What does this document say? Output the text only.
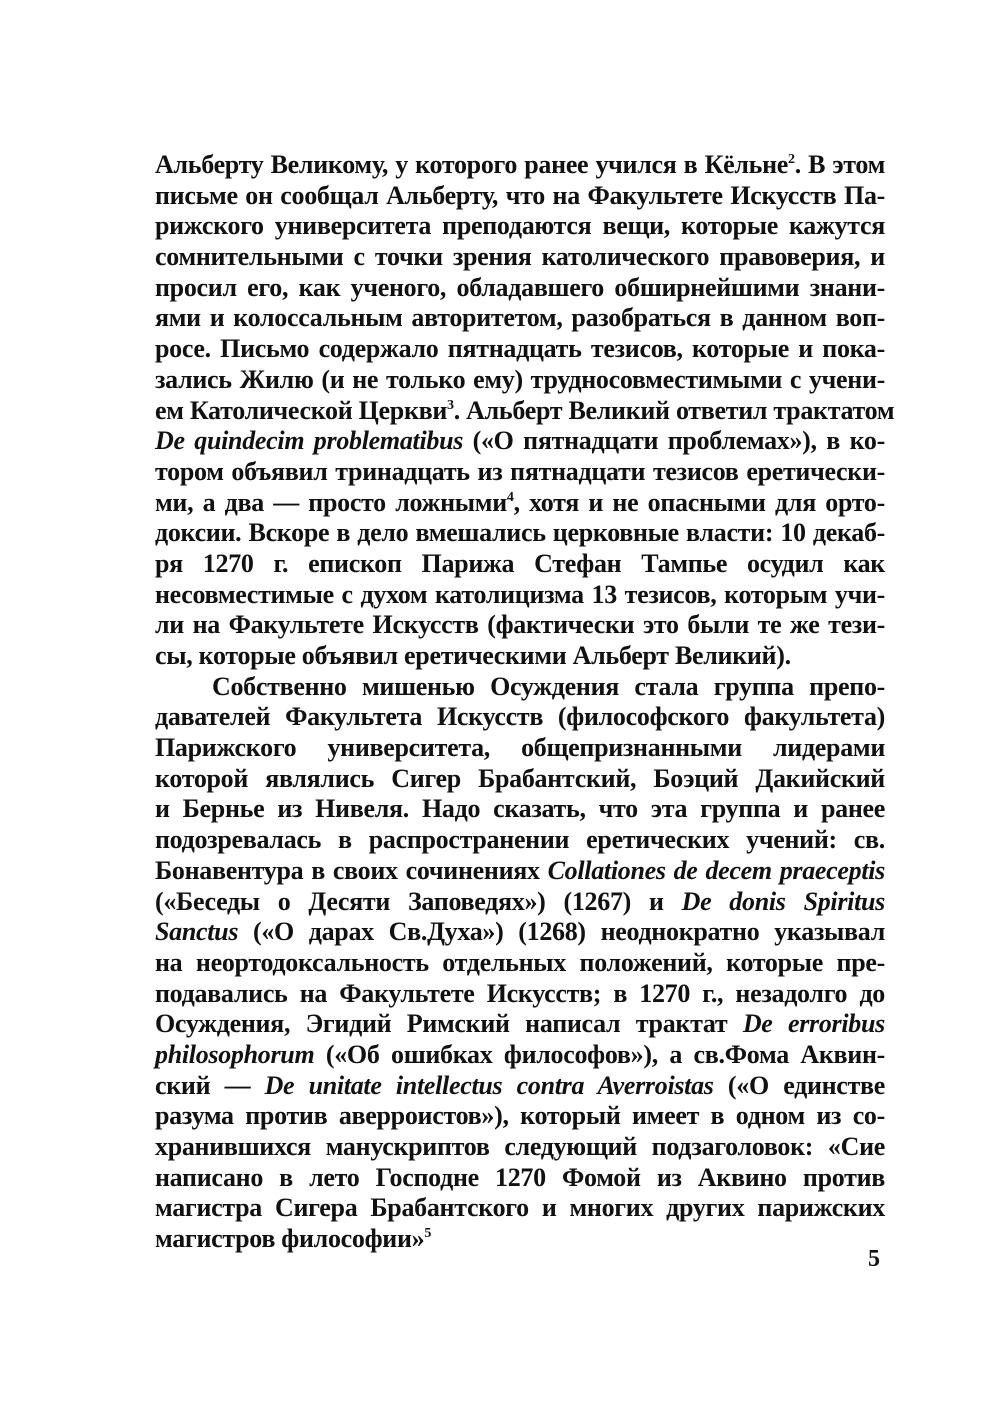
Альберту Великому, у которого ранее учился в Кёльне$^2$. В этом
письме он сообщал Альберту, что на Факультете Искусств Па-
рижского университета преподаются вещи, которые кажутся
сомнительными с точки зрения католического правоверия, и
просил его, как ученого, обладавшего обширнейшими знани-
ями и колоссальным авторитетом, разобраться в данном воп-
росе. Письмо содержало пятнадцать тезисов, которые и пока-
зались Жилю (и не только ему) трудносовместимыми с учени-
ем Католической Церкви$^3$. Альберт Великий ответил трактатом
De quindecim problematibus («О пятнадцати проблемах»), в ко-
тором объявил тринадцать из пятнадцати тезисов еретически-
ми, а два — просто ложными$^4$, хотя и не опасными для орто-
доксии. Вскоре в дело вмешались церковные власти: 10 декаб-
ря 1270 г. епископ Парижа Стефан Тампье осудил как
несовместимые с духом католицизма 13 тезисов, которым учи-
ли на Факультете Искусств (фактически это были те же тези-
сы, которые объявил еретическими Альберт Великий).
Собственно мишенью Осуждения стала группа препо-
давателей Факультета Искусств (философского факультета)
Парижского университета, общепризнанными лидерами
которой являлись Сигер Брабантский, Боэций Дакийский
и Бернье из Нивеля. Надо сказать, что эта группа и ранее
подозревалась в распространении еретических учений: св.
Бонавентура в своих сочинениях Collationes de decem praeceptis
(«Беседы о Десяти Заповедях») (1267) и De donis Spiritus
Sanctus («О дарах Св.Духа») (1268) неоднократно указывал
на неортодоксальность отдельных положений, которые пре-
подавались на Факультете Искусств; в 1270 г., незадолго до
Осуждения, Эгидий Римский написал трактат De erroribus
philosophorum («Об ошибках философов»), а св.Фома Аквин-
ский — De unitate intellectus contra Averroistas («О единстве
разума против аверроистов»), который имеет в одном из со-
хранившихся манускриптов следующий подзаголовок: «Сие
написано в лето Господне 1270 Фомой из Аквино против
магистра Сигера Брабантского и многих других парижских
магистров философии»$^5$
5
